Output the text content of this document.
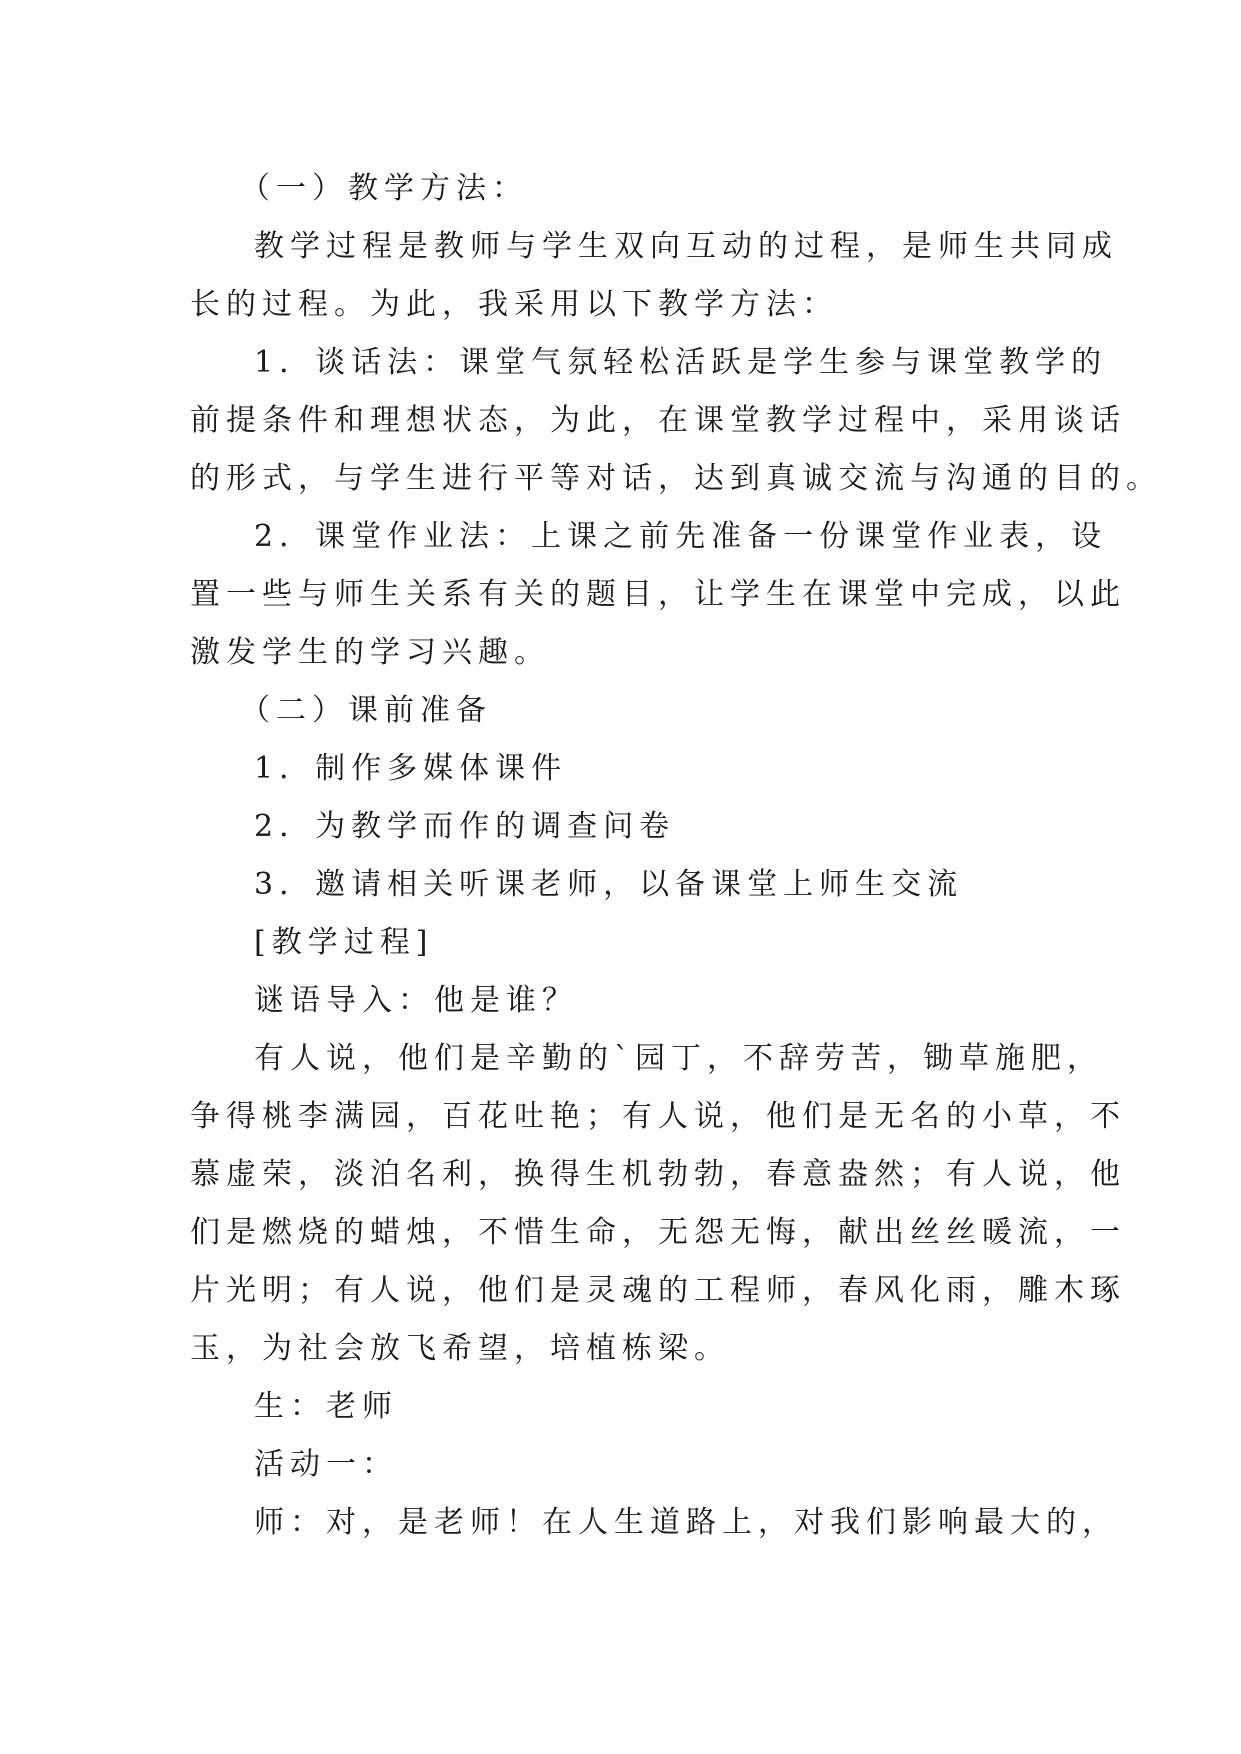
（一）教学方法：
教学过程是教师与学生双向互动的过程，是师生共同成
长的过程。为此，我采用以下教学方法：
1．谈话法：课堂气氛轻松活跃是学生参与课堂教学的
前提条件和理想状态，为此，在课堂教学过程中，采用谈话
的形式，与学生进行平等对话，达到真诚交流与沟通的目的。
2．课堂作业法：上课之前先准备一份课堂作业表，设
置一些与师生关系有关的题目，让学生在课堂中完成，以此
激发学生的学习兴趣。
（二）课前准备
1．制作多媒体课件
2．为教学而作的调查问卷
3．邀请相关听课老师，以备课堂上师生交流
[教学过程]
谜语导入：他是谁？
有人说，他们是辛勤的`园丁，不辞劳苦，锄草施肥，
争得桃李满园，百花吐艳；有人说，他们是无名的小草，不
慕虚荣，淡泊名利，换得生机勃勃，春意盎然；有人说，他
们是燃烧的蜡烛，不惜生命，无怨无悔，献出丝丝暖流，一
片光明；有人说，他们是灵魂的工程师，春风化雨，雕木琢
玉，为社会放飞希望，培植栋梁。
生：老师
活动一：
师：对，是老师！在人生道路上，对我们影响最大的，
